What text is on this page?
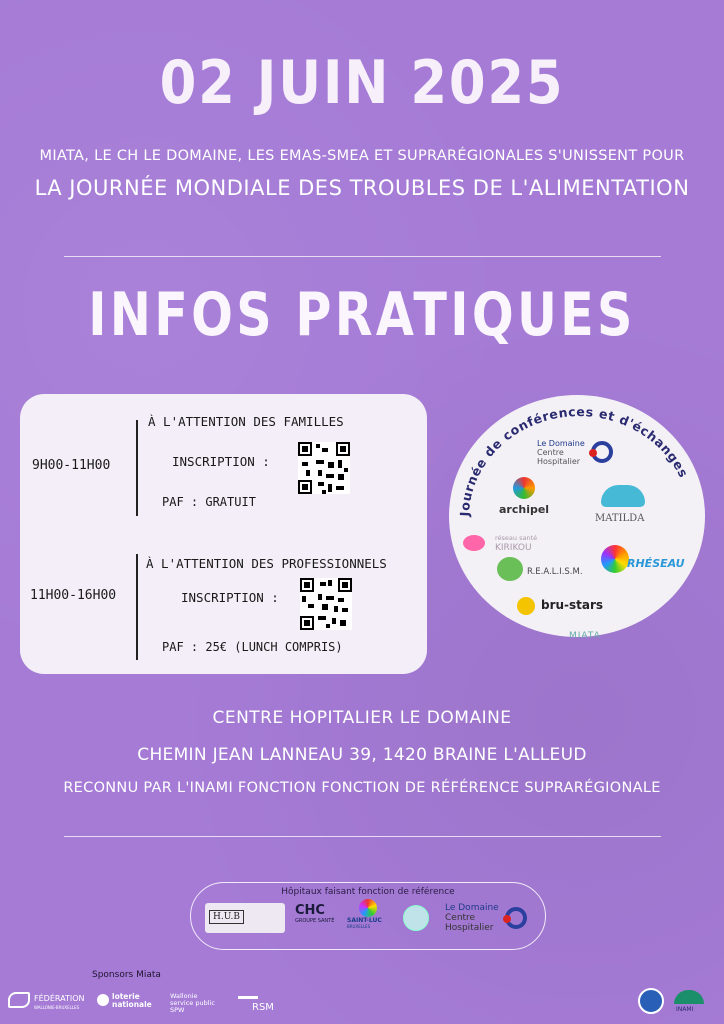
02 JUIN 2025
MIATA, LE CH LE DOMAINE, LES EMAS-SMEA ET SUPRARÉGIONALES S'UNISSENT POUR
LA JOURNÉE MONDIALE DES TROUBLES DE L'ALIMENTATION
INFOS PRATIQUES
9H00-11H00
À L'ATTENTION DES FAMILLES
INSCRIPTION :
PAF : GRATUIT
11H00-16H00
À L'ATTENTION DES PROFESSIONNELS
INSCRIPTION :
PAF : 25€ (LUNCH COMPRIS)
Journée de conférences et d'échanges
Le Domaine
Centre
Hospitalier
archipel
MATILDA
réseau santé
KIRIKOU
R.E.A.L.I.S.M.
RHÉSEAU
bru-stars
MIATA
CENTRE HOPITALIER LE DOMAINE
CHEMIN JEAN LANNEAU 39, 1420 BRAINE L'ALLEUD
RECONNU PAR L'INAMI FONCTION FONCTION DE RÉFÉRENCE SUPRARÉGIONALE
Hôpitaux faisant fonction de référence
H.U.B	CHC
GROUPE SANTÉ SAINT-LUC
BRUXELLES
Le Domaine
Centre
Hospitalier
Sponsors Miata
FÉDÉRATION
WALLONIE-BRUXELLES
loterie
nationale
Wallonie
service public
SPW	RSM	INAMI
